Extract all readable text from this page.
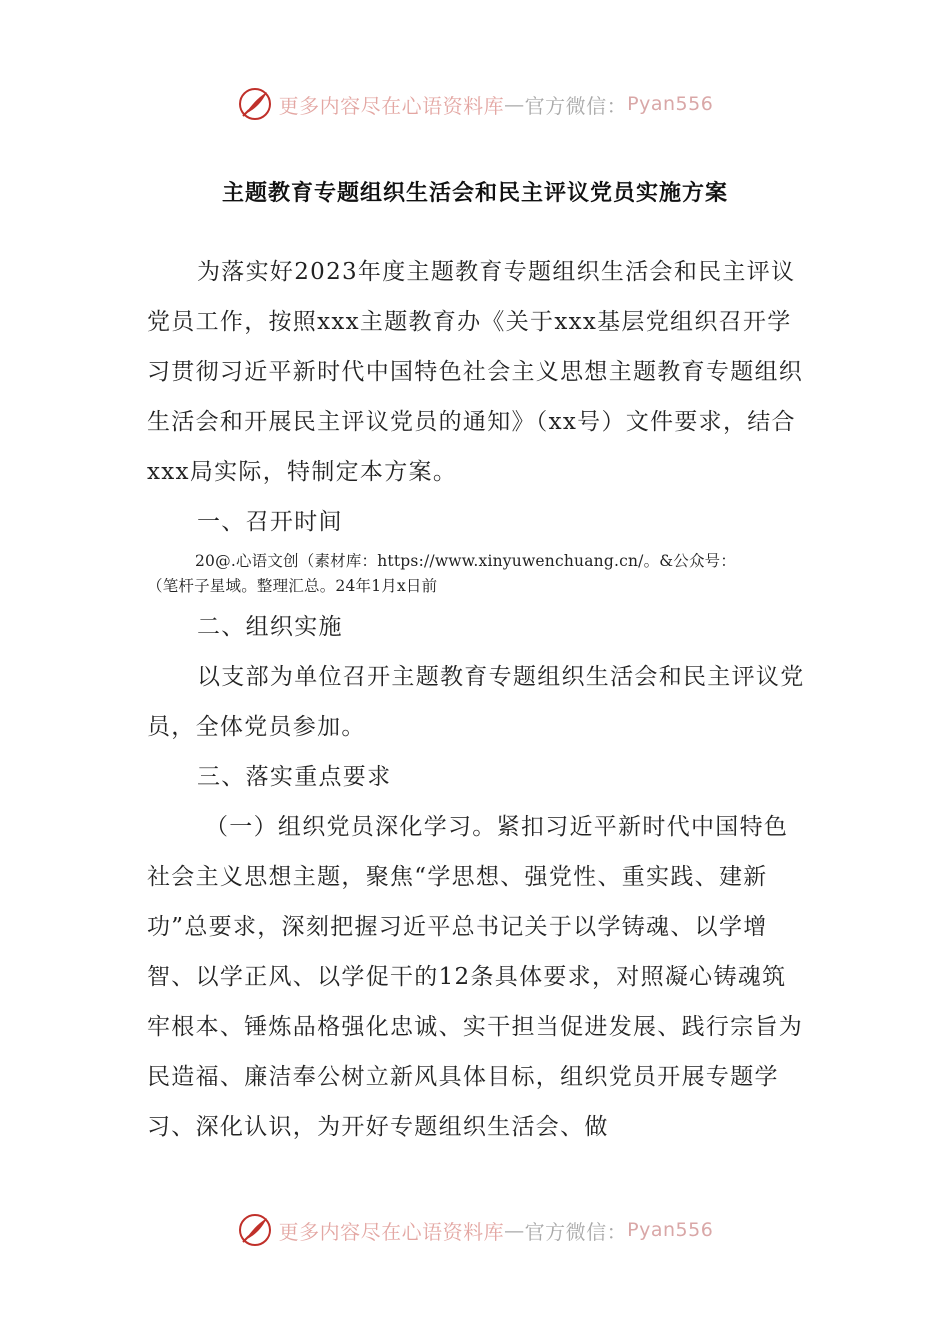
更多内容尽在心语资料库 — 官方微信： Pyan556
主题教育专题组织生活会和民主评议党员实施方案

为落实好2023年度主题教育专题组织生活会和民主评议党员工作，按照xxx主题教育办《关于xxx基层党组织召开学习贯彻习近平新时代中国特色社会主义思想主题教育专题组织生活会和开展民主评议党员的通知》（xx号）文件要求，结合xxx局实际，特制定本方案。

一、召开时间

20@.心语文创（素材库：https://www.xinyuwenchuang.cn/。&公众号：
（笔杆子星域。整理汇总。24年1月x日前

二、组织实施

以支部为单位召开主题教育专题组织生活会和民主评议党员，全体党员参加。

三、落实重点要求

（一）组织党员深化学习。紧扣习近平新时代中国特色社会主义思想主题，聚焦“学思想、强党性、重实践、建新功”总要求，深刻把握习近平总书记关于以学铸魂、以学增智、以学正风、以学促干的12条具体要求，对照凝心铸魂筑牢根本、锤炼品格强化忠诚、实干担当促进发展、践行宗旨为民造福、廉洁奉公树立新风具体目标，组织党员开展专题学习、深化认识，为开好专题组织生活会、做

更多内容尽在心语资料库 — 官方微信： Pyan556
